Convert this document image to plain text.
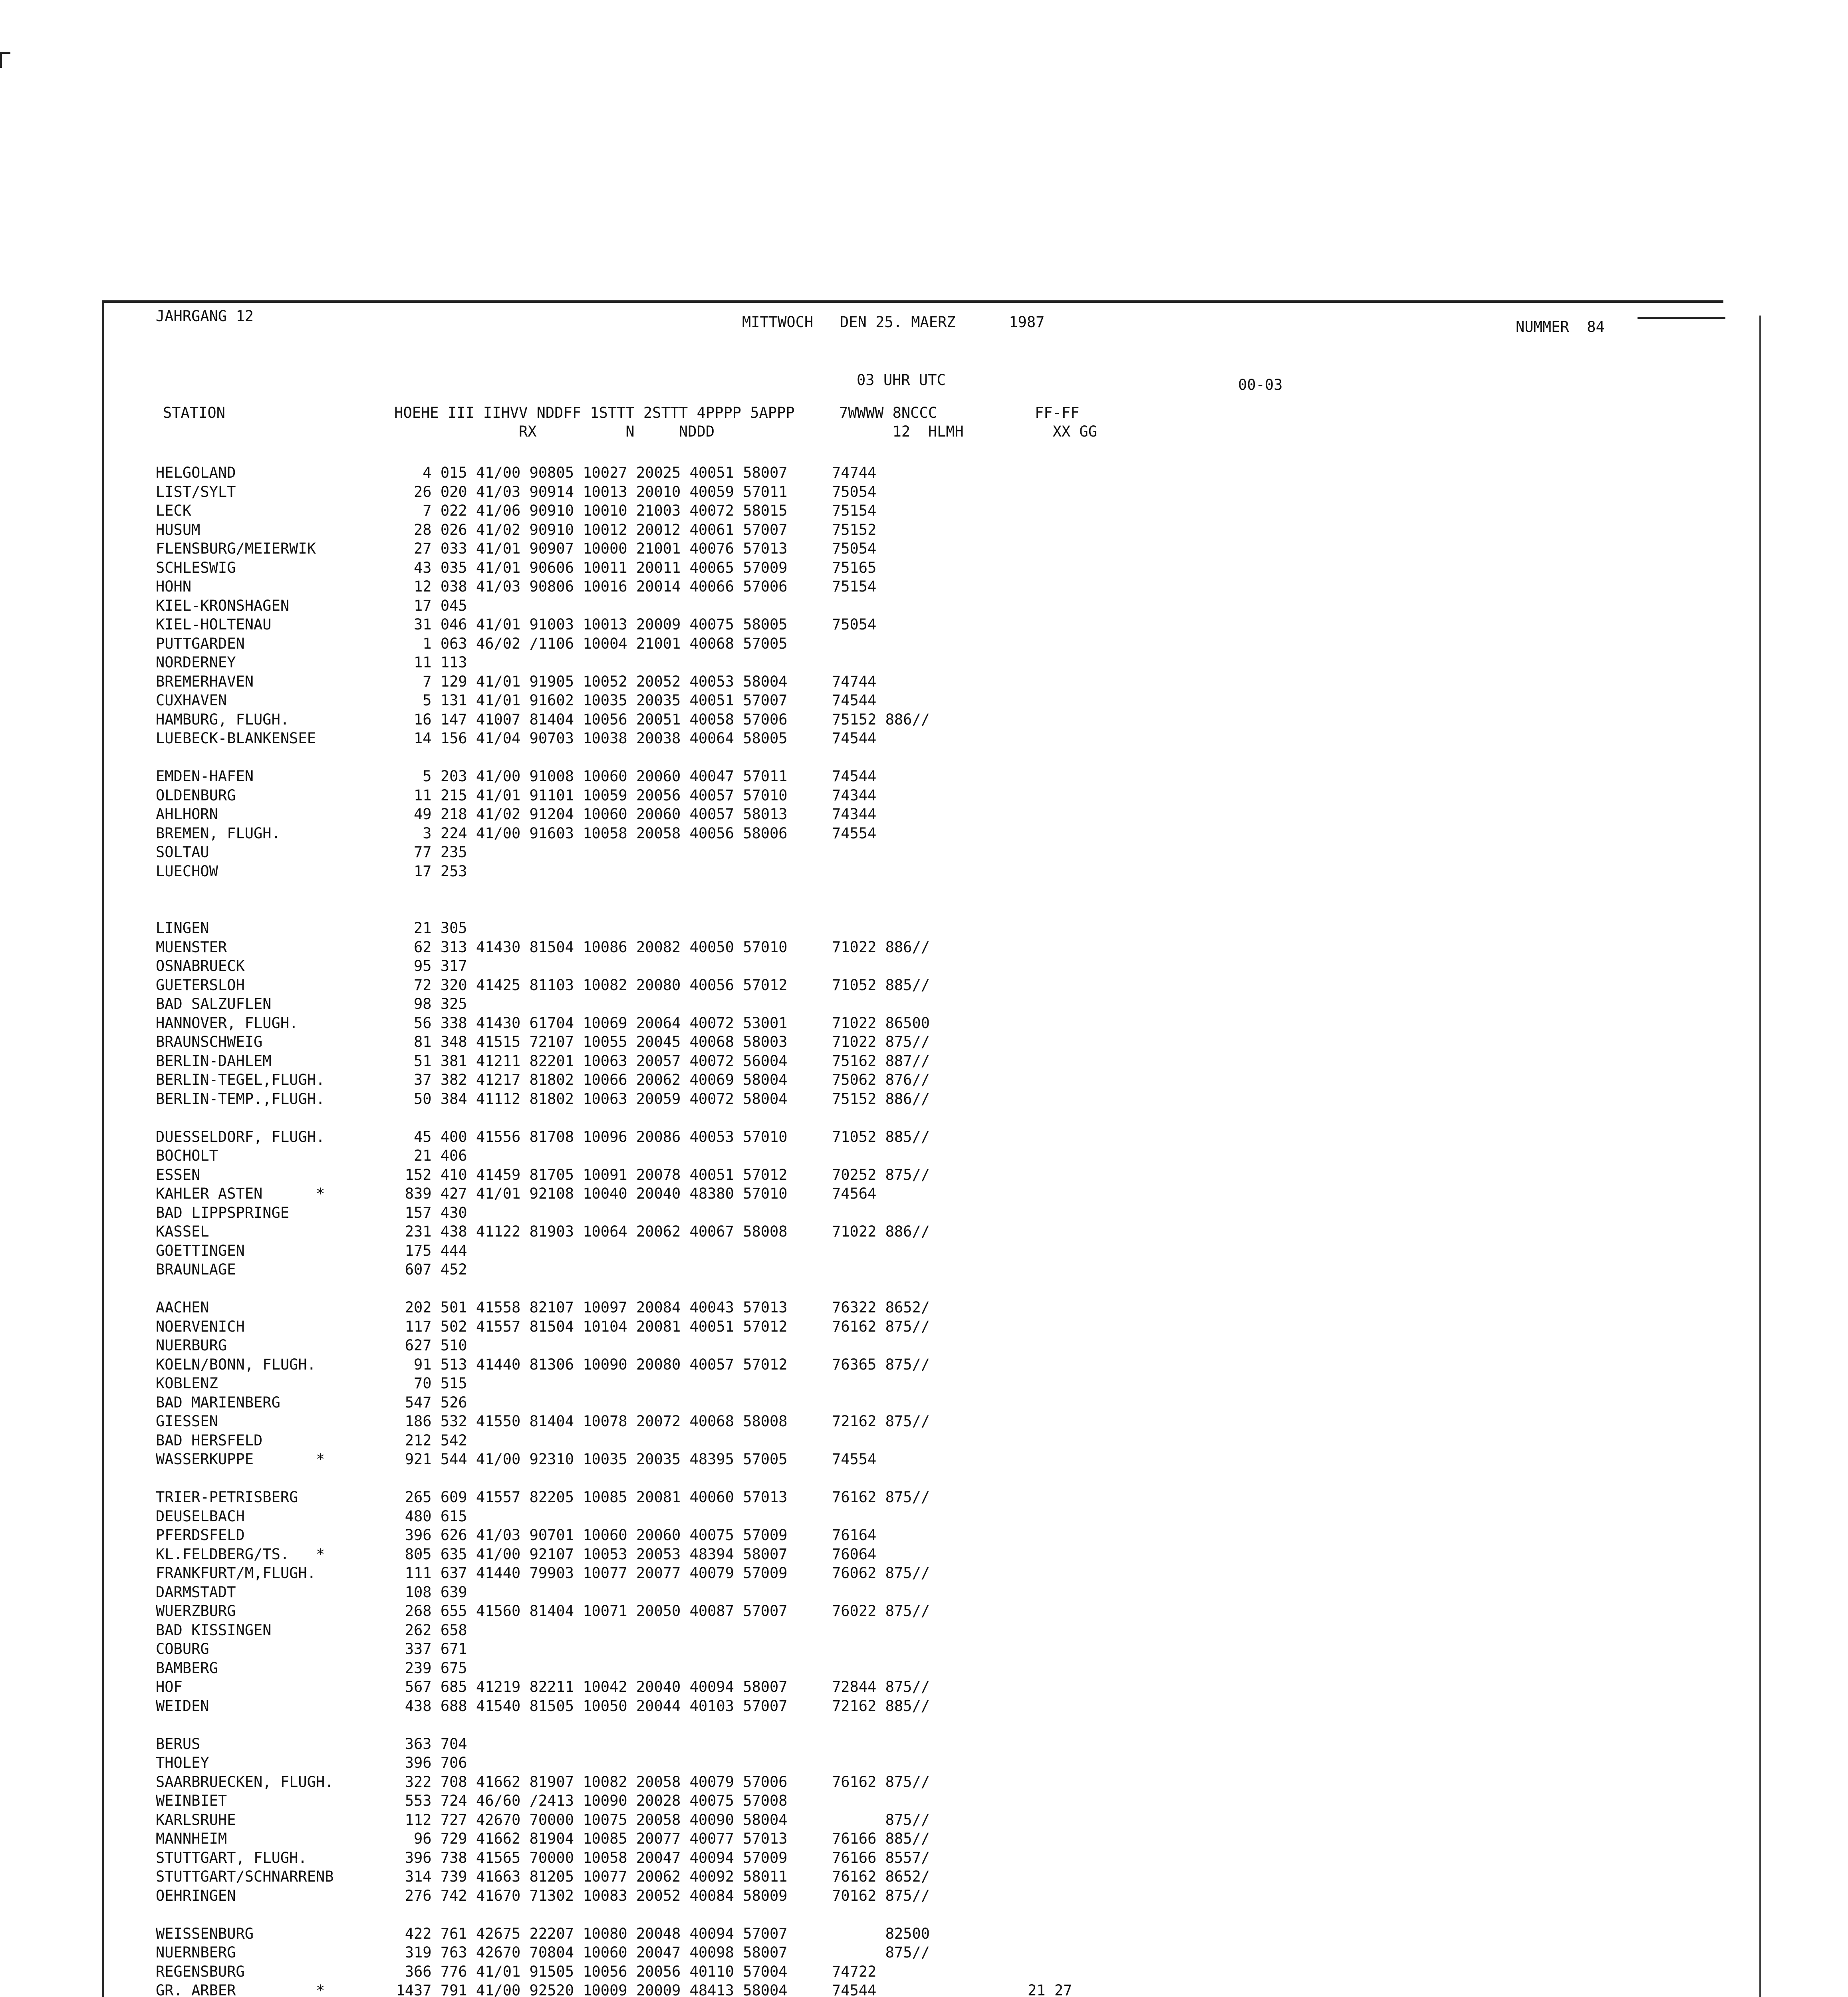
JAHRGANG 12	MITTWOCH   DEN 25. MAERZ      1987	NUMMER  84
03 UHR UTC	00-03
STATION                   HOEHE III IIHVV NDDFF 1STTT 2STTT 4PPPP 5APPP     7WWWW 8NCCC           FF-FF
RX          N     NDDD                    12  HLMH          XX GG
HELGOLAND                     4 015 41/00 90805 10027 20025 40051 58007     74744
LIST/SYLT                    26 020 41/03 90914 10013 20010 40059 57011     75054
LECK                          7 022 41/06 90910 10010 21003 40072 58015     75154
HUSUM                        28 026 41/02 90910 10012 20012 40061 57007     75152
FLENSBURG/MEIERWIK           27 033 41/01 90907 10000 21001 40076 57013     75054
SCHLESWIG                    43 035 41/01 90606 10011 20011 40065 57009     75165
HOHN                         12 038 41/03 90806 10016 20014 40066 57006     75154
KIEL-KRONSHAGEN              17 045
KIEL-HOLTENAU                31 046 41/01 91003 10013 20009 40075 58005     75054
PUTTGARDEN                    1 063 46/02 /1106 10004 21001 40068 57005
NORDERNEY                    11 113
BREMERHAVEN                   7 129 41/01 91905 10052 20052 40053 58004     74744
CUXHAVEN                      5 131 41/01 91602 10035 20035 40051 57007     74544
HAMBURG, FLUGH.              16 147 41007 81404 10056 20051 40058 57006     75152 886//
LUEBECK-BLANKENSEE           14 156 41/04 90703 10038 20038 40064 58005     74544
EMDEN-HAFEN                   5 203 41/00 91008 10060 20060 40047 57011     74544
OLDENBURG                    11 215 41/01 91101 10059 20056 40057 57010     74344
AHLHORN                      49 218 41/02 91204 10060 20060 40057 58013     74344
BREMEN, FLUGH.                3 224 41/00 91603 10058 20058 40056 58006     74554
SOLTAU                       77 235
LUECHOW                      17 253
LINGEN                       21 305
MUENSTER                     62 313 41430 81504 10086 20082 40050 57010     71022 886//
OSNABRUECK                   95 317
GUETERSLOH                   72 320 41425 81103 10082 20080 40056 57012     71052 885//
BAD SALZUFLEN                98 325
HANNOVER, FLUGH.             56 338 41430 61704 10069 20064 40072 53001     71022 86500
BRAUNSCHWEIG                 81 348 41515 72107 10055 20045 40068 58003     71022 875//
BERLIN-DAHLEM                51 381 41211 82201 10063 20057 40072 56004     75162 887//
BERLIN-TEGEL,FLUGH.          37 382 41217 81802 10066 20062 40069 58004     75062 876//
BERLIN-TEMP.,FLUGH.          50 384 41112 81802 10063 20059 40072 58004     75152 886//
DUESSELDORF, FLUGH.          45 400 41556 81708 10096 20086 40053 57010     71052 885//
BOCHOLT                      21 406
ESSEN                       152 410 41459 81705 10091 20078 40051 57012     70252 875//
KAHLER ASTEN      *         839 427 41/01 92108 10040 20040 48380 57010     74564
BAD LIPPSPRINGE             157 430
KASSEL                      231 438 41122 81903 10064 20062 40067 58008     71022 886//
GOETTINGEN                  175 444
BRAUNLAGE                   607 452
AACHEN                      202 501 41558 82107 10097 20084 40043 57013     76322 8652/
NOERVENICH                  117 502 41557 81504 10104 20081 40051 57012     76162 875//
NUERBURG                    627 510
KOELN/BONN, FLUGH.           91 513 41440 81306 10090 20080 40057 57012     76365 875//
KOBLENZ                      70 515
BAD MARIENBERG              547 526
GIESSEN                     186 532 41550 81404 10078 20072 40068 58008     72162 875//
BAD HERSFELD                212 542
WASSERKUPPE       *         921 544 41/00 92310 10035 20035 48395 57005     74554
TRIER-PETRISBERG            265 609 41557 82205 10085 20081 40060 57013     76162 875//
DEUSELBACH                  480 615
PFERDSFELD                  396 626 41/03 90701 10060 20060 40075 57009     76164
KL.FELDBERG/TS.   *         805 635 41/00 92107 10053 20053 48394 58007     76064
FRANKFURT/M,FLUGH.          111 637 41440 79903 10077 20077 40079 57009     76062 875//
DARMSTADT                   108 639
WUERZBURG                   268 655 41560 81404 10071 20050 40087 57007     76022 875//
BAD KISSINGEN               262 658
COBURG                      337 671
BAMBERG                     239 675
HOF                         567 685 41219 82211 10042 20040 40094 58007     72844 875//
WEIDEN                      438 688 41540 81505 10050 20044 40103 57007     72162 885//
BERUS                       363 704
THOLEY                      396 706
SAARBRUECKEN, FLUGH.        322 708 41662 81907 10082 20058 40079 57006     76162 875//
WEINBIET                    553 724 46/60 /2413 10090 20028 40075 57008
KARLSRUHE                   112 727 42670 70000 10075 20058 40090 58004           875//
MANNHEIM                     96 729 41662 81904 10085 20077 40077 57013     76166 885//
STUTTGART, FLUGH.           396 738 41565 70000 10058 20047 40094 57009     76166 8557/
STUTTGART/SCHNARRENB        314 739 41663 81205 10077 20062 40092 58011     76162 8652/
OEHRINGEN                   276 742 41670 71302 10083 20052 40084 58009     70162 875//
WEISSENBURG                 422 761 42675 22207 10080 20048 40094 57007           82500
NUERNBERG                   319 763 42670 70804 10060 20047 40098 58007           875//
REGENSBURG                  366 776 41/01 91505 10056 20056 40110 57004     74722
GR. ARBER         *        1437 791 41/00 92520 10009 20009 48413 58004     74544                 21 27
